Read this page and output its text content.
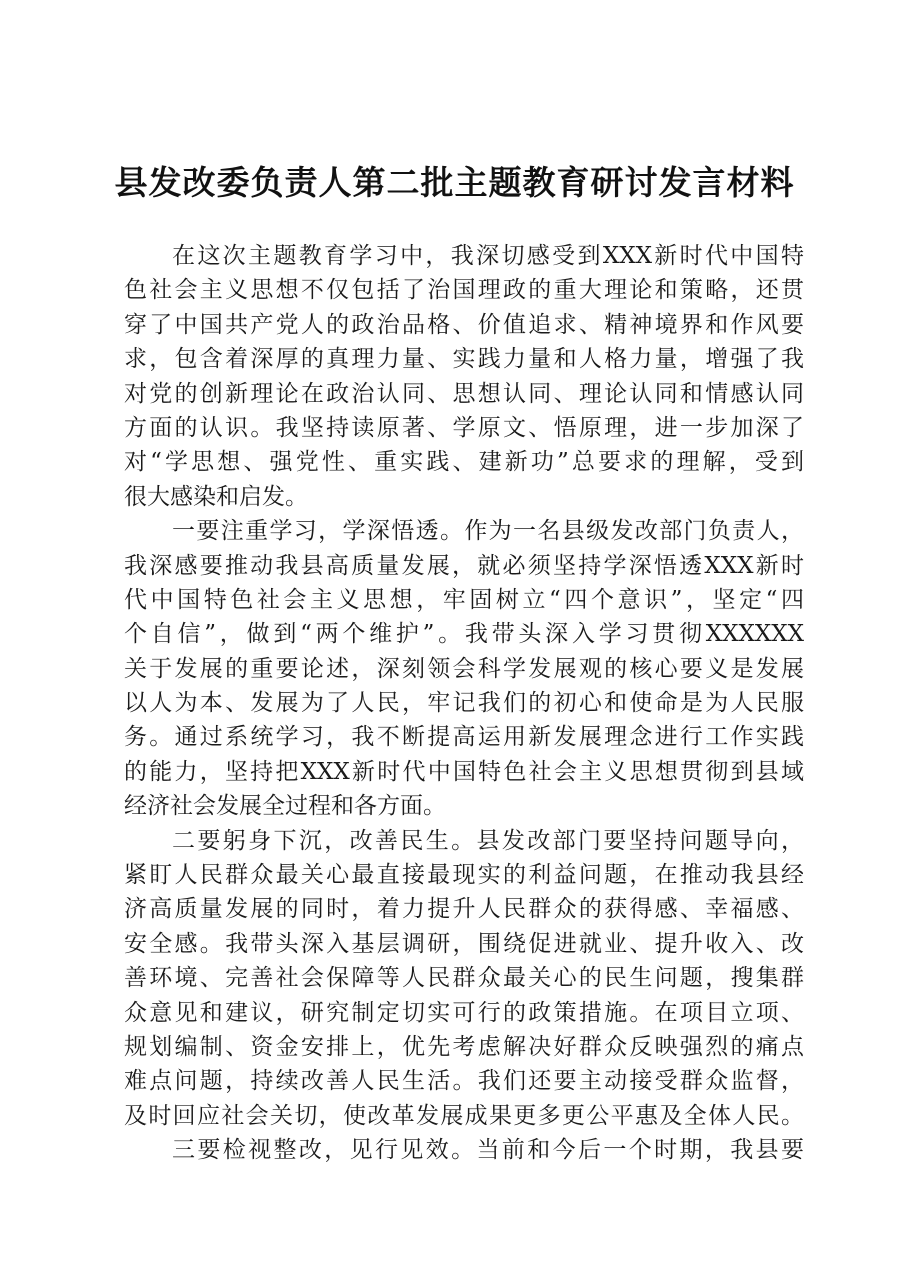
县发改委负责人第二批主题教育研讨发言材料

在这次主题教育学习中，我深切感受到XXX新时代中国特
色社会主义思想不仅包括了治国理政的重大理论和策略，还贯
穿了中国共产党人的政治品格、价值追求、精神境界和作风要
求，包含着深厚的真理力量、实践力量和人格力量，增强了我
对党的创新理论在政治认同、思想认同、理论认同和情感认同
方面的认识。我坚持读原著、学原文、悟原理，进一步加深了
对“学思想、强党性、重实践、建新功”总要求的理解，受到
很大感染和启发。

一要注重学习，学深悟透。作为一名县级发改部门负责人，
我深感要推动我县高质量发展，就必须坚持学深悟透XXX新时
代中国特色社会主义思想，牢固树立“四个意识”，坚定“四
个自信”，做到“两个维护”。我带头深入学习贯彻XXXXXX
关于发展的重要论述，深刻领会科学发展观的核心要义是发展
以人为本、发展为了人民，牢记我们的初心和使命是为人民服
务。通过系统学习，我不断提高运用新发展理念进行工作实践
的能力，坚持把XXX新时代中国特色社会主义思想贯彻到县域
经济社会发展全过程和各方面。

二要躬身下沉，改善民生。县发改部门要坚持问题导向，
紧盯人民群众最关心最直接最现实的利益问题，在推动我县经
济高质量发展的同时，着力提升人民群众的获得感、幸福感、
安全感。我带头深入基层调研，围绕促进就业、提升收入、改
善环境、完善社会保障等人民群众最关心的民生问题，搜集群
众意见和建议，研究制定切实可行的政策措施。在项目立项、
规划编制、资金安排上，优先考虑解决好群众反映强烈的痛点
难点问题，持续改善人民生活。我们还要主动接受群众监督，
及时回应社会关切，使改革发展成果更多更公平惠及全体人民。

三要检视整改，见行见效。当前和今后一个时期，我县要
